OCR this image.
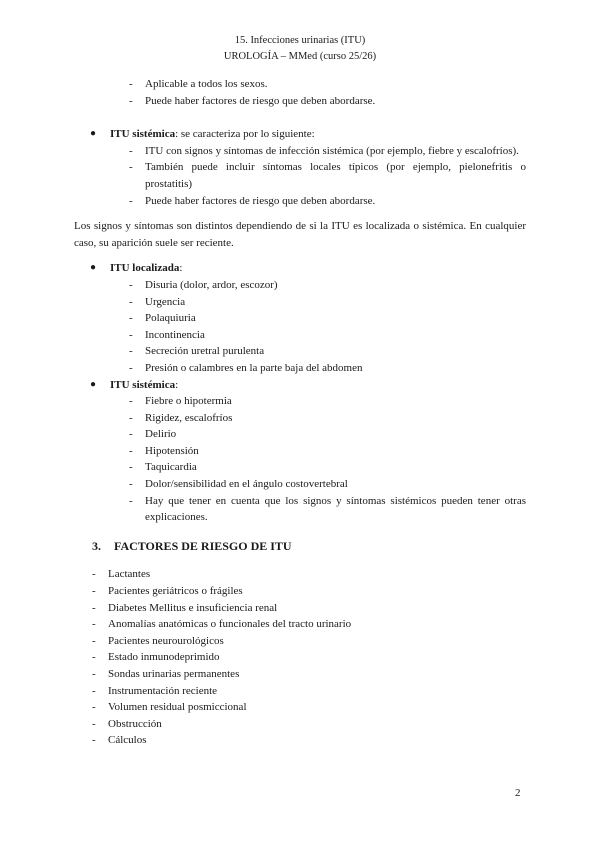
15. Infecciones urinarias (ITU)
UROLOGÍA – MMed (curso 25/26)
- Aplicable a todos los sexos.
- Puede haber factores de riesgo que deben abordarse.
● ITU sistémica: se caracteriza por lo siguiente:
- ITU con signos y síntomas de infección sistémica (por ejemplo, fiebre y escalofríos).
- También puede incluir síntomas locales típicos (por ejemplo, pielonefritis o prostatitis)
- Puede haber factores de riesgo que deben abordarse.

Los signos y síntomas son distintos dependiendo de si la ITU es localizada o sistémica. En cualquier caso, su aparición suele ser reciente.

● ITU localizada:
- Disuria (dolor, ardor, escozor)
- Urgencia
- Polaquiuria
- Incontinencia
- Secreción uretral purulenta
- Presión o calambres en la parte baja del abdomen
● ITU sistémica:
- Fiebre o hipotermia
- Rigidez, escalofríos
- Delirio
- Hipotensión
- Taquicardia
- Dolor/sensibilidad en el ángulo costovertebral
- Hay que tener en cuenta que los signos y síntomas sistémicos pueden tener otras explicaciones.
3. FACTORES DE RIESGO DE ITU
- Lactantes
- Pacientes geriátricos o frágiles
- Diabetes Mellitus e insuficiencia renal
- Anomalías anatómicas o funcionales del tracto urinario
- Pacientes neurourológicos
- Estado inmunodeprimido
- Sondas urinarias permanentes
- Instrumentación reciente
- Volumen residual posmiccional
- Obstrucción
- Cálculos
2
